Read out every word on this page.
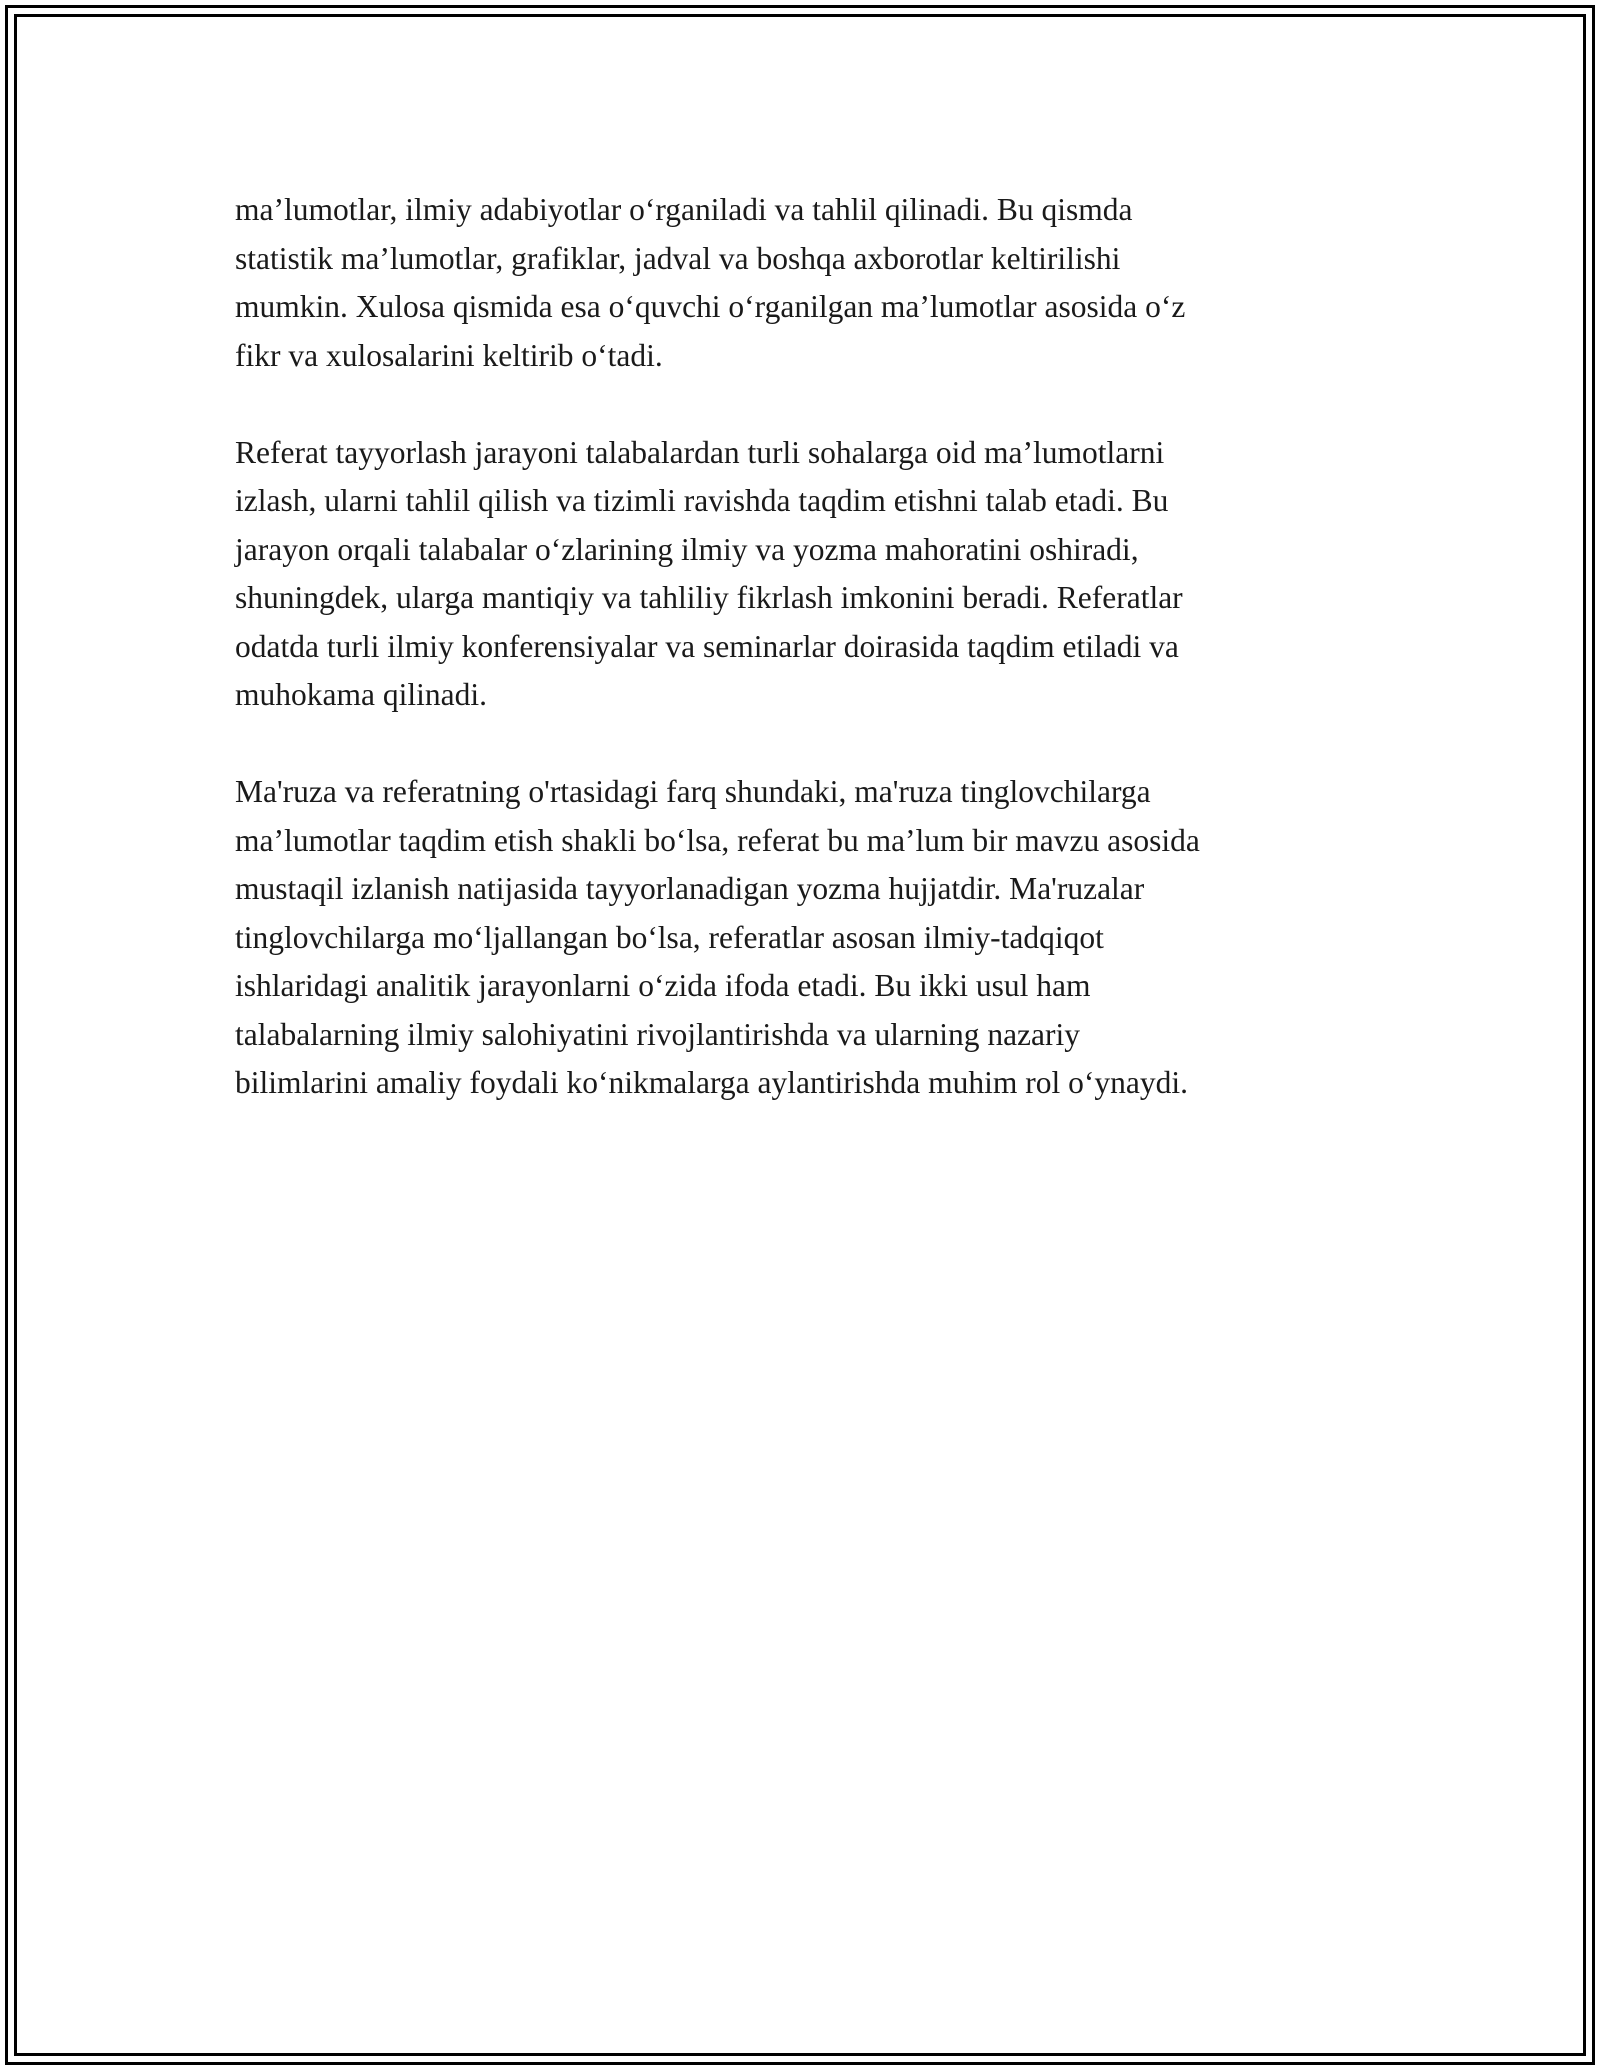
ma’lumotlar, ilmiy adabiyotlar o‘rganiladi va tahlil qilinadi. Bu qismda
statistik ma’lumotlar, grafiklar, jadval va boshqa axborotlar keltirilishi
mumkin. Xulosa qismida esa o‘quvchi o‘rganilgan ma’lumotlar asosida o‘z
fikr va xulosalarini keltirib o‘tadi.

Referat tayyorlash jarayoni talabalardan turli sohalarga oid ma’lumotlarni
izlash, ularni tahlil qilish va tizimli ravishda taqdim etishni talab etadi. Bu
jarayon orqali talabalar o‘zlarining ilmiy va yozma mahoratini oshiradi,
shuningdek, ularga mantiqiy va tahliliy fikrlash imkonini beradi. Referatlar
odatda turli ilmiy konferensiyalar va seminarlar doirasida taqdim etiladi va
muhokama qilinadi.

Ma'ruza va referatning o'rtasidagi farq shundaki, ma'ruza tinglovchilarga
ma’lumotlar taqdim etish shakli bo‘lsa, referat bu ma’lum bir mavzu asosida
mustaqil izlanish natijasida tayyorlanadigan yozma hujjatdir. Ma'ruzalar
tinglovchilarga mo‘ljallangan bo‘lsa, referatlar asosan ilmiy-tadqiqot
ishlaridagi analitik jarayonlarni o‘zida ifoda etadi. Bu ikki usul ham
talabalarning ilmiy salohiyatini rivojlantirishda va ularning nazariy
bilimlarini amaliy foydali ko‘nikmalarga aylantirishda muhim rol o‘ynaydi.
